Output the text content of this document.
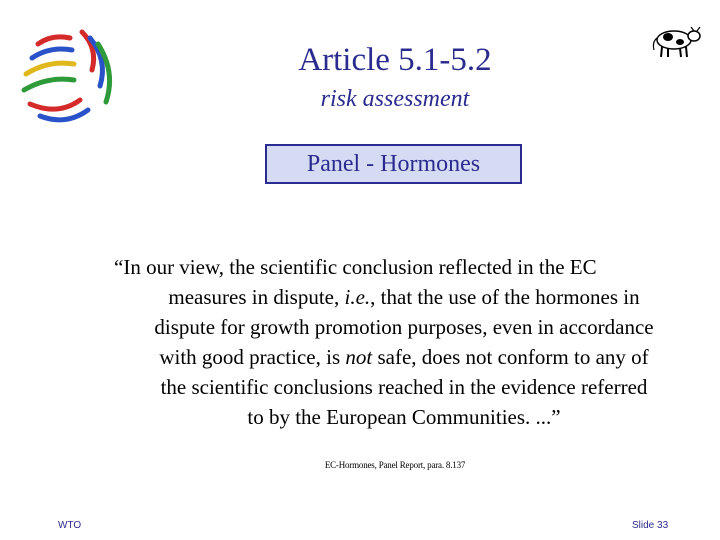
Article 5.1-5.2
risk assessment
Panel - Hormones
“In our view, the scientific conclusion reflected in the EC
measures in dispute, i.e., that the use of the hormones in
dispute for growth promotion purposes, even in accordance
with good practice, is not safe, does not conform to any of
the scientific conclusions reached in the evidence referred
to by the European Communities. ...”
EC-Hormones, Panel Report, para. 8.137
WTO	Slide 33
